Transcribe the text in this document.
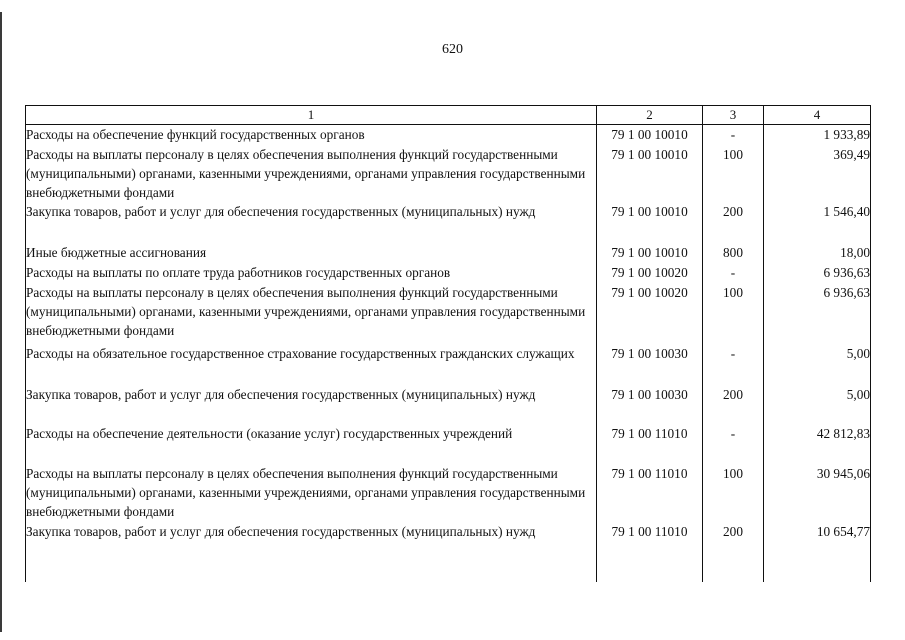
620
1	2	3	4
Расходы на обеспечение функций государственных органов	79 1 00 10010	-	1 933,89
Расходы на выплаты персоналу в целях обеспечения выполнения функций государственными (муниципальными) органами, казенными учреждениями, органами управления государственными внебюджетными фондами	79 1 00 10010	100	369,49
Закупка товаров, работ и услуг для обеспечения государственных (муниципальных) нужд	79 1 00 10010	200	1 546,40
Иные бюджетные ассигнования	79 1 00 10010	800	18,00
Расходы на выплаты по оплате труда работников государственных органов	79 1 00 10020	-	6 936,63
Расходы на выплаты персоналу в целях обеспечения выполнения функций государственными (муниципальными) органами, казенными учреждениями, органами управления государственными внебюджетными фондами	79 1 00 10020	100	6 936,63
Расходы на обязательное государственное страхование государственных гражданских служащих	79 1 00 10030	-	5,00
Закупка товаров, работ и услуг для обеспечения государственных (муниципальных) нужд	79 1 00 10030	200	5,00
Расходы на обеспечение деятельности (оказание услуг) государственных учреждений	79 1 00 11010	-	42 812,83
Расходы на выплаты персоналу в целях обеспечения выполнения функций государственными (муниципальными) органами, казенными учреждениями, органами управления государственными внебюджетными фондами	79 1 00 11010	100	30 945,06
Закупка товаров, работ и услуг для обеспечения государственных (муниципальных) нужд	79 1 00 11010	200	10 654,77
